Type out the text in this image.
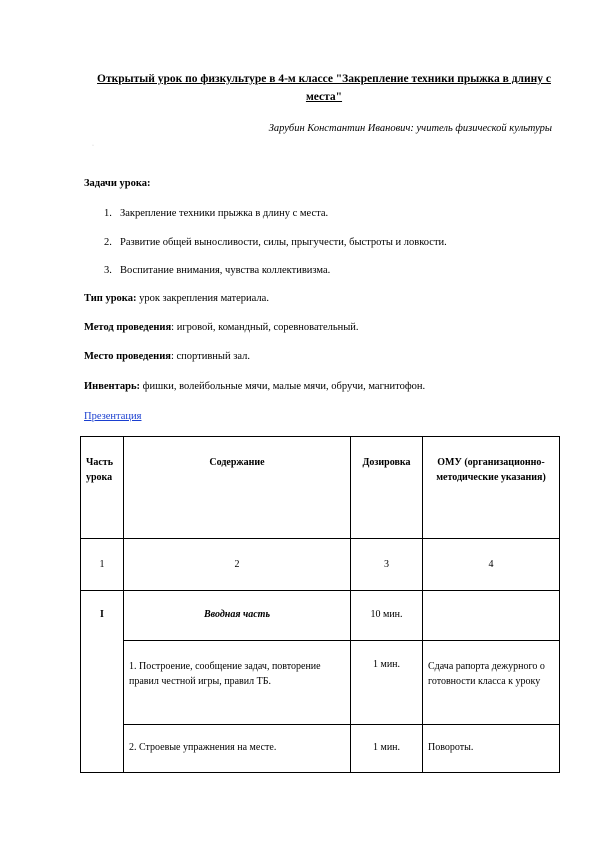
Открытый урок по физкультуре в 4-м классе "Закрепление техники прыжка в длину с места"
Зарубин Константин Иванович: учитель физической культуры
·
Задачи урока:
1. Закрепление техники прыжка в длину с места.
2. Развитие общей выносливости, силы, прыгучести, быстроты и ловкости.
3. Воспитание внимания, чувства коллективизма.
Тип урока: урок закрепления материала.
Метод проведения: игровой, командный, соревновательный.
Место проведения: спортивный зал.
Инвентарь: фишки, волейбольные мячи, малые мячи, обручи, магнитофон.
Презентация
Часть урока	Содержание	Дозировка	ОМУ (организационно-методические указания)
1	2	3	4
I	Вводная часть	10 мин.	
	1. Построение, сообщение задач, повторение правил честной игры, правил ТБ.	1 мин.	Сдача рапорта дежурного о готовности класса к уроку
	2. Строевые упражнения на месте.	1 мин.	Повороты.
